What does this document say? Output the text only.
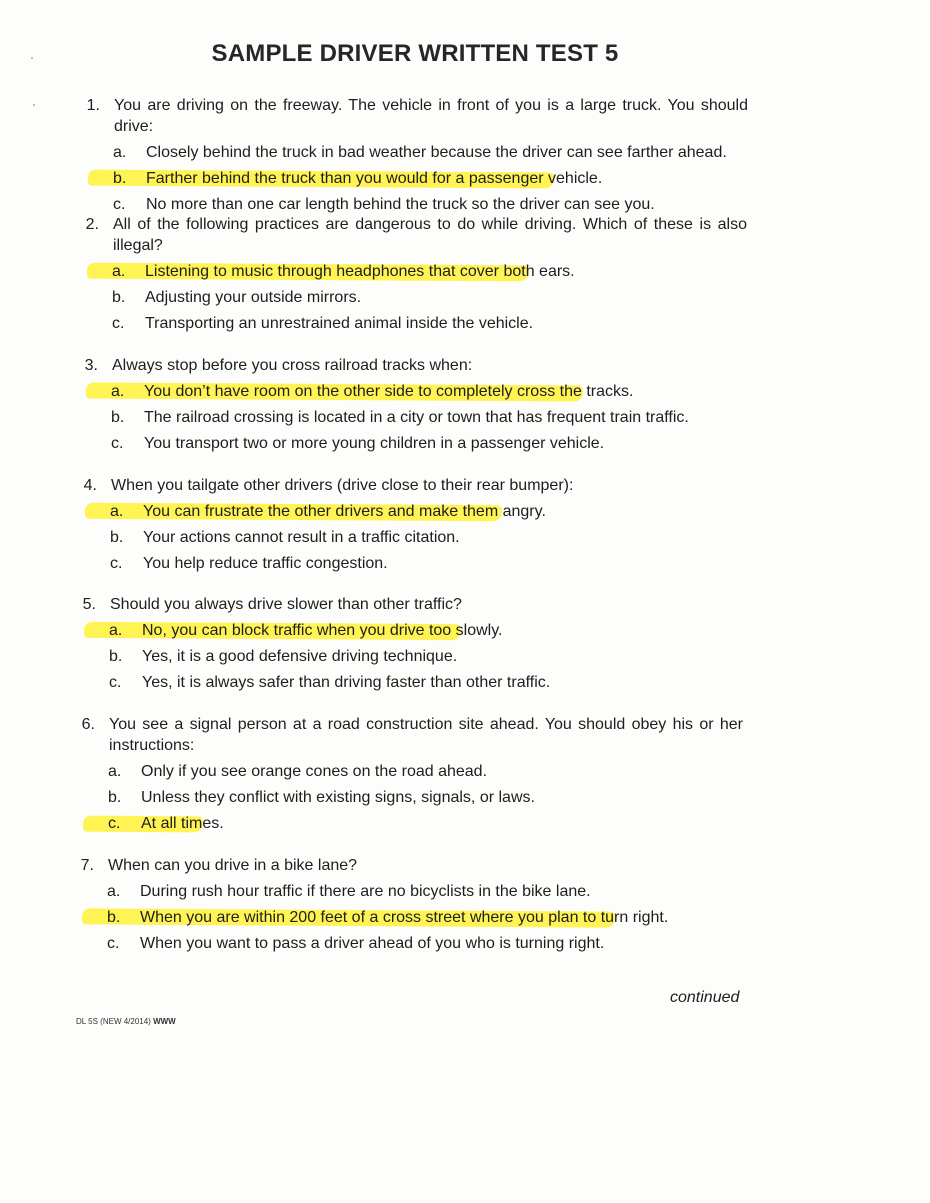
SAMPLE DRIVER WRITTEN TEST 5
1. You are driving on the freeway. The vehicle in front of you is a large truck. You should drive:
a. Closely behind the truck in bad weather because the driver can see farther ahead.
b. Farther behind the truck than you would for a passenger vehicle.
c. No more than one car length behind the truck so the driver can see you.
2. All of the following practices are dangerous to do while driving. Which of these is also illegal?
a. Listening to music through headphones that cover both ears.
b. Adjusting your outside mirrors.
c. Transporting an unrestrained animal inside the vehicle.
3. Always stop before you cross railroad tracks when:
a. You don’t have room on the other side to completely cross the tracks.
b. The railroad crossing is located in a city or town that has frequent train traffic.
c. You transport two or more young children in a passenger vehicle.
4. When you tailgate other drivers (drive close to their rear bumper):
a. You can frustrate the other drivers and make them angry.
b. Your actions cannot result in a traffic citation.
c. You help reduce traffic congestion.
5. Should you always drive slower than other traffic?
a. No, you can block traffic when you drive too slowly.
b. Yes, it is a good defensive driving technique.
c. Yes, it is always safer than driving faster than other traffic.
6. You see a signal person at a road construction site ahead. You should obey his or her instructions:
a. Only if you see orange cones on the road ahead.
b. Unless they conflict with existing signs, signals, or laws.
c. At all times.
7. When can you drive in a bike lane?
a. During rush hour traffic if there are no bicyclists in the bike lane.
b. When you are within 200 feet of a cross street where you plan to turn right.
c. When you want to pass a driver ahead of you who is turning right.
continued
DL 5S (NEW 4/2014) WWW
